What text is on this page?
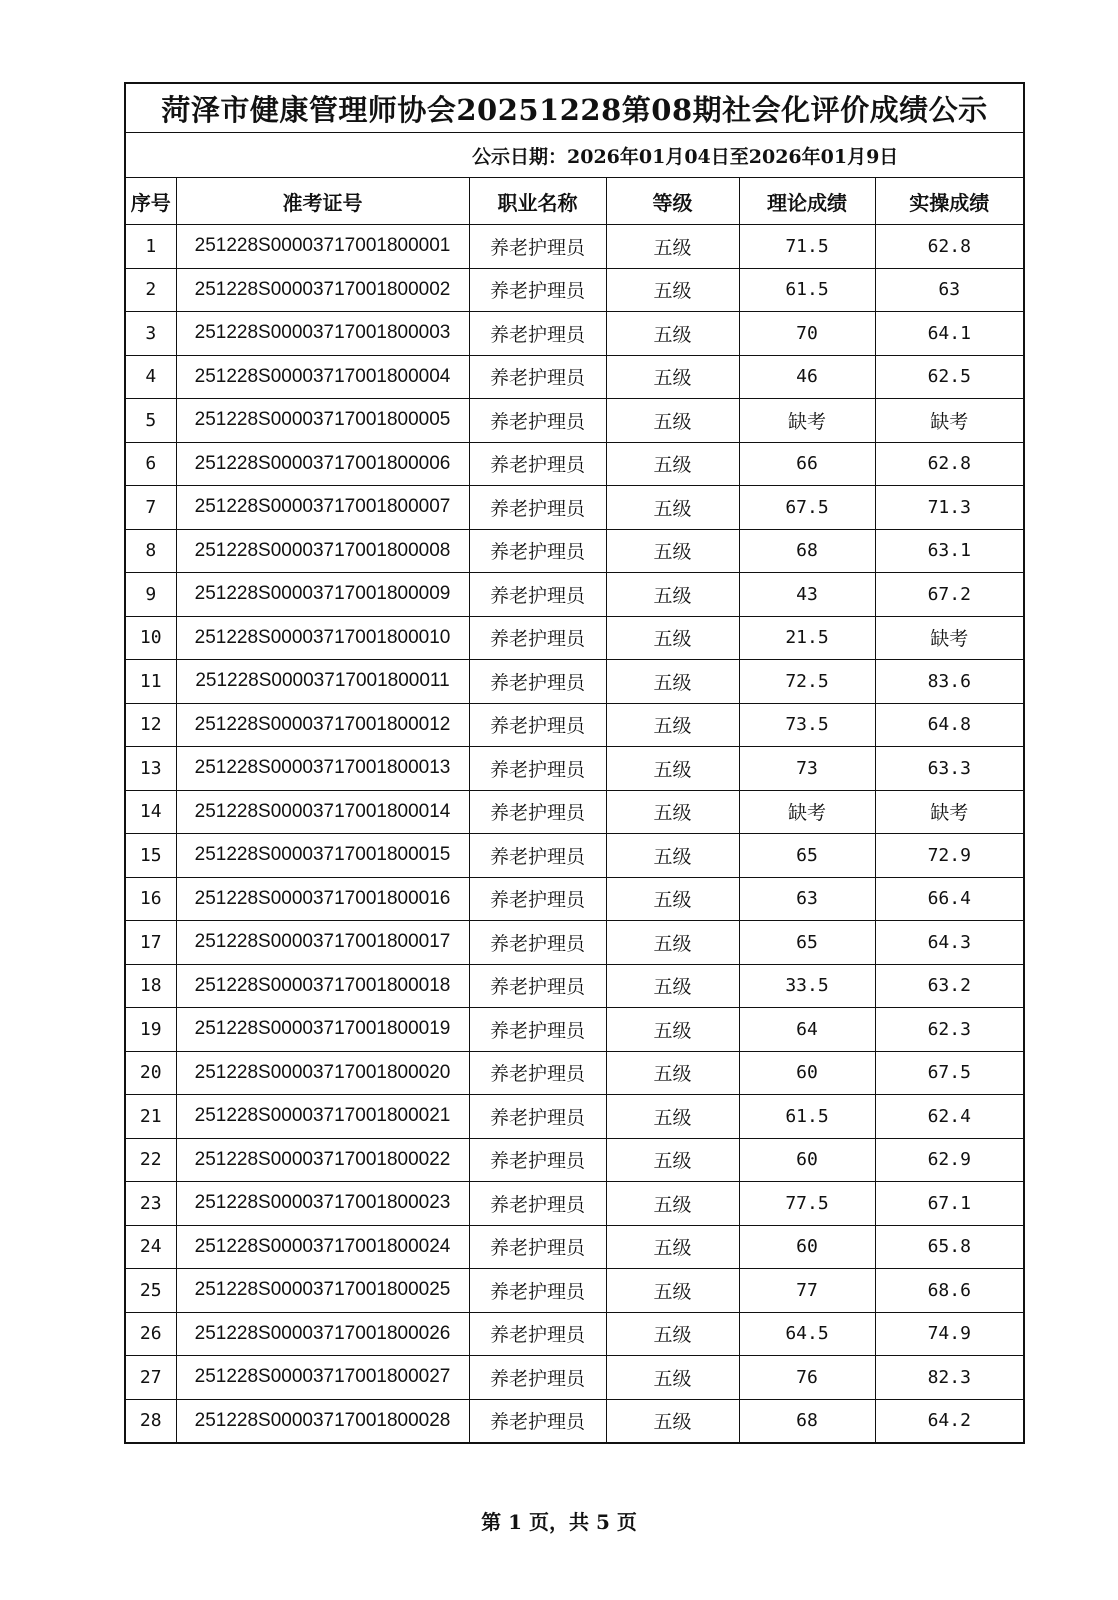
菏泽市健康管理师协会20251228第08期社会化评价成绩公示					
公示日期：2026年01月04日至2026年01月9日					
序号	准考证号	职业名称	等级	理论成绩	实操成绩
1	251228S00003717001800001	养老护理员	五级	71.5	62.8
2	251228S00003717001800002	养老护理员	五级	61.5	63
3	251228S00003717001800003	养老护理员	五级	70	64.1
4	251228S00003717001800004	养老护理员	五级	46	62.5
5	251228S00003717001800005	养老护理员	五级	缺考	缺考
6	251228S00003717001800006	养老护理员	五级	66	62.8
7	251228S00003717001800007	养老护理员	五级	67.5	71.3
8	251228S00003717001800008	养老护理员	五级	68	63.1
9	251228S00003717001800009	养老护理员	五级	43	67.2
10	251228S00003717001800010	养老护理员	五级	21.5	缺考
11	251228S00003717001800011	养老护理员	五级	72.5	83.6
12	251228S00003717001800012	养老护理员	五级	73.5	64.8
13	251228S00003717001800013	养老护理员	五级	73	63.3
14	251228S00003717001800014	养老护理员	五级	缺考	缺考
15	251228S00003717001800015	养老护理员	五级	65	72.9
16	251228S00003717001800016	养老护理员	五级	63	66.4
17	251228S00003717001800017	养老护理员	五级	65	64.3
18	251228S00003717001800018	养老护理员	五级	33.5	63.2
19	251228S00003717001800019	养老护理员	五级	64	62.3
20	251228S00003717001800020	养老护理员	五级	60	67.5
21	251228S00003717001800021	养老护理员	五级	61.5	62.4
22	251228S00003717001800022	养老护理员	五级	60	62.9
23	251228S00003717001800023	养老护理员	五级	77.5	67.1
24	251228S00003717001800024	养老护理员	五级	60	65.8
25	251228S00003717001800025	养老护理员	五级	77	68.6
26	251228S00003717001800026	养老护理员	五级	64.5	74.9
27	251228S00003717001800027	养老护理员	五级	76	82.3
28	251228S00003717001800028	养老护理员	五级	68	64.2
第 1 页，共 5 页
